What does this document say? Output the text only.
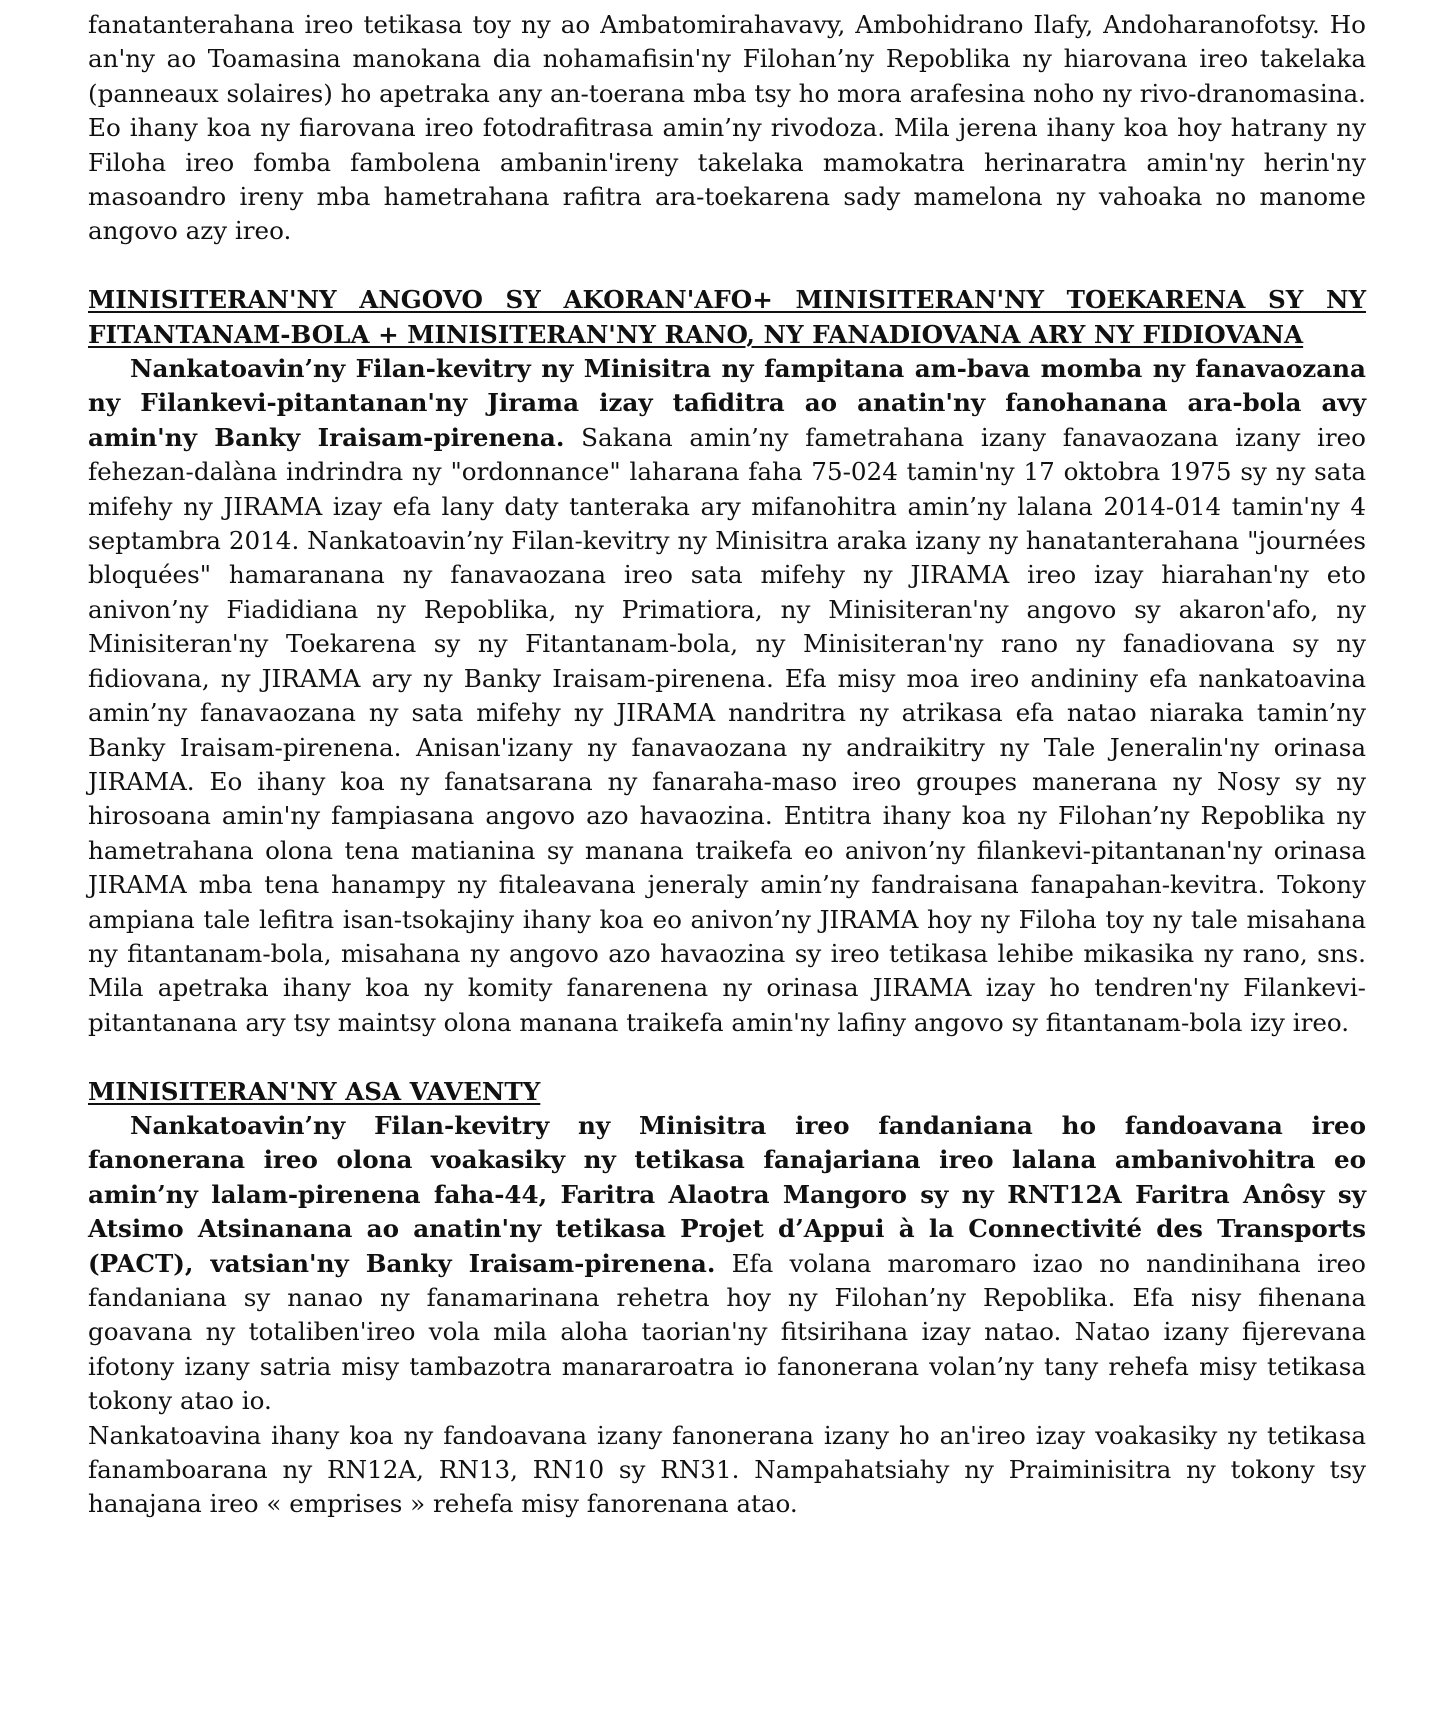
fanatanterahana ireo tetikasa toy ny ao Ambatomirahavavy, Ambohidrano Ilafy, Andoharanofotsy. Ho an'ny ao Toamasina manokana dia nohamafisin'ny Filohan’ny Repoblika ny hiarovana ireo takelaka (panneaux solaires) ho apetraka any an-toerana mba tsy ho mora arafesina noho ny rivo-dranomasina. Eo ihany koa ny fiarovana ireo fotodrafitrasa amin’ny rivodoza. Mila jerena ihany koa hoy hatrany ny Filoha ireo fomba fambolena ambanin'ireny takelaka mamokatra herinaratra amin'ny herin'ny masoandro ireny mba hametrahana rafitra ara-toekarena sady mamelona ny vahoaka no manome angovo azy ireo.

MINISITERAN'NY ANGOVO SY AKORAN'AFO+ MINISITERAN'NY TOEKARENA SY NY FITANTANAM-BOLA + MINISITERAN'NY RANO, NY FANADIOVANA ARY NY FIDIOVANA

Nankatoavin’ny Filan-kevitry ny Minisitra ny fampitana am-bava momba ny fanavaozana ny Filankevi-pitantanan'ny Jirama izay tafiditra ao anatin'ny fanohanana ara-bola avy amin'ny Banky Iraisam-pirenena. Sakana amin’ny fametrahana izany fanavaozana izany ireo fehezan-dalàna indrindra ny "ordonnance" laharana faha 75-024 tamin'ny 17 oktobra 1975 sy ny sata mifehy ny JIRAMA izay efa lany daty tanteraka ary mifanohitra amin’ny lalana 2014-014 tamin'ny 4 septambra 2014. Nankatoavin’ny Filan-kevitry ny Minisitra araka izany ny hanatanterahana "journées bloquées" hamaranana ny fanavaozana ireo sata mifehy ny JIRAMA ireo izay hiarahan'ny eto anivon’ny Fiadidiana ny Repoblika, ny Primatiora, ny Minisiteran'ny angovo sy akaron'afo, ny Minisiteran'ny Toekarena sy ny Fitantanam-bola, ny Minisiteran'ny rano ny fanadiovana sy ny fidiovana, ny JIRAMA ary ny Banky Iraisam-pirenena. Efa misy moa ireo andininy efa nankatoavina amin’ny fanavaozana ny sata mifehy ny JIRAMA nandritra ny atrikasa efa natao niaraka tamin’ny Banky Iraisam-pirenena. Anisan'izany ny fanavaozana ny andraikitry ny Tale Jeneralin'ny orinasa JIRAMA. Eo ihany koa ny fanatsarana ny fanaraha-maso ireo groupes manerana ny Nosy sy ny hirosoana amin'ny fampiasana angovo azo havaozina. Entitra ihany koa ny Filohan’ny Repoblika ny hametrahana olona tena matianina sy manana traikefa eo anivon’ny filankevi-pitantanan'ny orinasa JIRAMA mba tena hanampy ny fitaleavana jeneraly amin’ny fandraisana fanapahan-kevitra. Tokony ampiana tale lefitra isan-tsokajiny ihany koa eo anivon’ny JIRAMA hoy ny Filoha toy ny tale misahana ny fitantanam-bola, misahana ny angovo azo havaozina sy ireo tetikasa lehibe mikasika ny rano, sns. Mila apetraka ihany koa ny komity fanarenena ny orinasa JIRAMA izay ho tendren'ny Filankevi-pitantanana ary tsy maintsy olona manana traikefa amin'ny lafiny angovo sy fitantanam-bola izy ireo.

MINISITERAN'NY ASA VAVENTY

Nankatoavin’ny Filan-kevitry ny Minisitra ireo fandaniana ho fandoavana ireo fanonerana ireo olona voakasiky ny tetikasa fanajariana ireo lalana ambanivohitra eo amin’ny lalam-pirenena faha-44, Faritra Alaotra Mangoro sy ny RNT12A Faritra Anôsy sy Atsimo Atsinanana ao anatin'ny tetikasa Projet d’Appui à la Connectivité des Transports (PACT), vatsian'ny Banky Iraisam-pirenena. Efa volana maromaro izao no nandinihana ireo fandaniana sy nanao ny fanamarinana rehetra hoy ny Filohan’ny Repoblika. Efa nisy fihenana goavana ny totaliben'ireo vola mila aloha taorian'ny fitsirihana izay natao. Natao izany fijerevana ifotony izany satria misy tambazotra manararoatra io fanonerana volan’ny tany rehefa misy tetikasa tokony atao io.

Nankatoavina ihany koa ny fandoavana izany fanonerana izany ho an'ireo izay voakasiky ny tetikasa fanamboarana ny RN12A, RN13, RN10 sy RN31. Nampahatsiahy ny Praiminisitra ny tokony tsy hanajana ireo « emprises » rehefa misy fanorenana atao.
